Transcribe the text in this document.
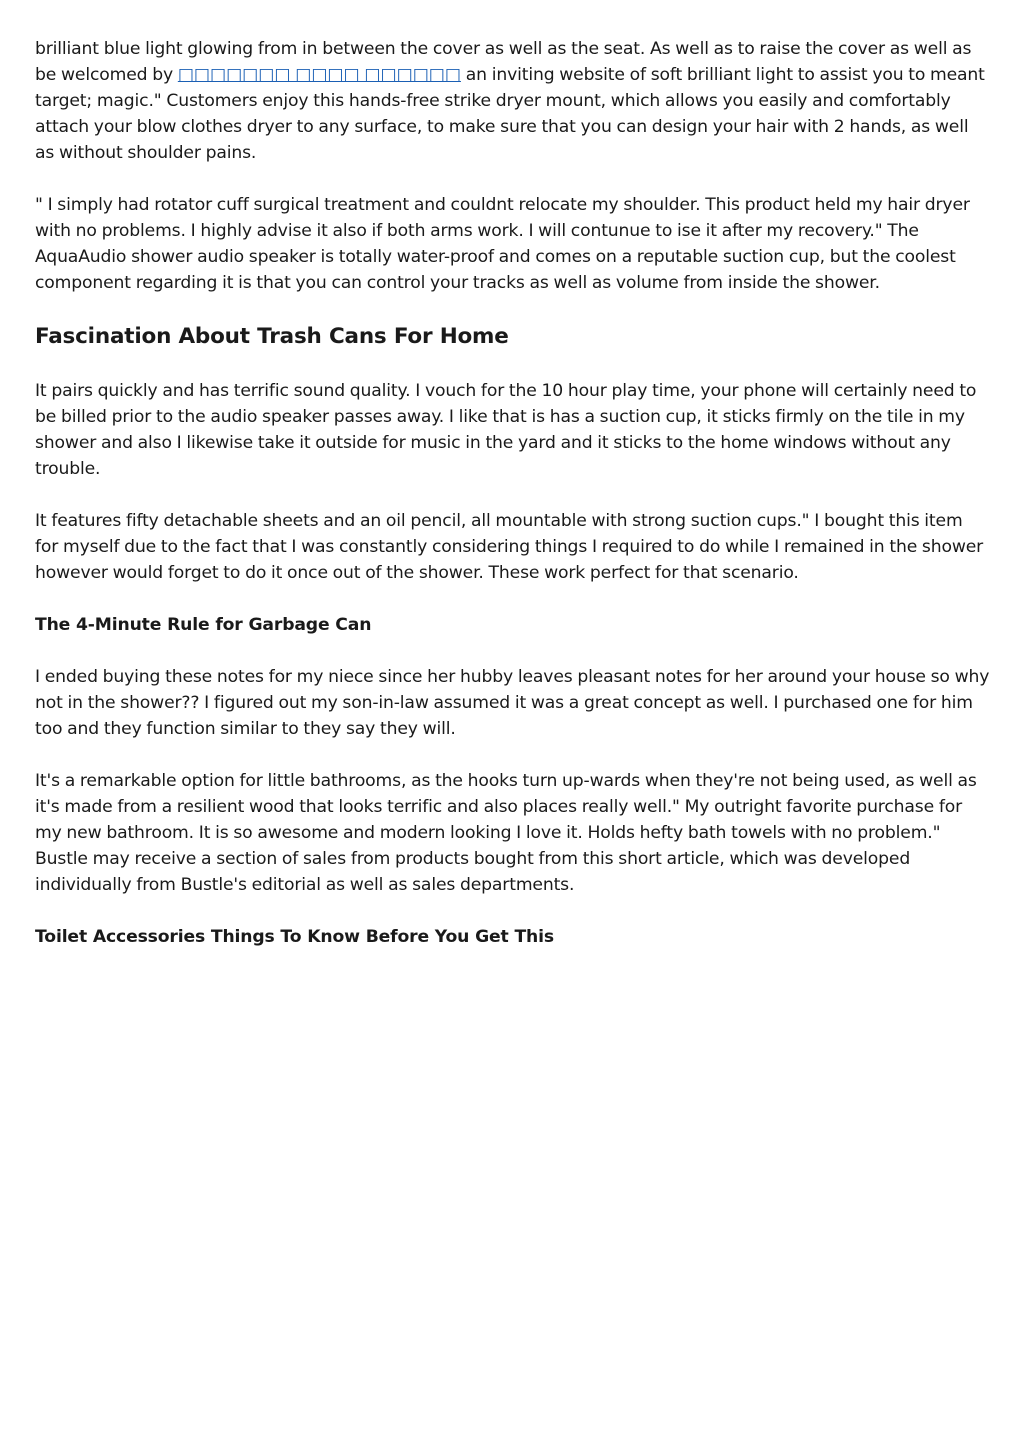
brilliant blue light glowing from in between the cover as well as the seat. As well as to raise the cover as well as be welcomed by □□□□□□□ □□□□ □□□□□□ an inviting website of soft brilliant light to assist you to meant target; magic." Customers enjoy this hands-free strike dryer mount, which allows you easily and comfortably attach your blow clothes dryer to any surface, to make sure that you can design your hair with 2 hands, as well as without shoulder pains.

" I simply had rotator cuff surgical treatment and couldnt relocate my shoulder. This product held my hair dryer with no problems. I highly advise it also if both arms work. I will contunue to ise it after my recovery." The AquaAudio shower audio speaker is totally water-proof and comes on a reputable suction cup, but the coolest component regarding it is that you can control your tracks as well as volume from inside the shower.

Fascination About Trash Cans For Home

It pairs quickly and has terrific sound quality. I vouch for the 10 hour play time, your phone will certainly need to be billed prior to the audio speaker passes away. I like that is has a suction cup, it sticks firmly on the tile in my shower and also I likewise take it outside for music in the yard and it sticks to the home windows without any trouble.

It features fifty detachable sheets and an oil pencil, all mountable with strong suction cups." I bought this item for myself due to the fact that I was constantly considering things I required to do while I remained in the shower however would forget to do it once out of the shower. These work perfect for that scenario.

The 4-Minute Rule for Garbage Can

I ended buying these notes for my niece since her hubby leaves pleasant notes for her around your house so why not in the shower?? I figured out my son-in-law assumed it was a great concept as well. I purchased one for him too and they function similar to they say they will.

It's a remarkable option for little bathrooms, as the hooks turn up-wards when they're not being used, as well as it's made from a resilient wood that looks terrific and also places really well." My outright favorite purchase for my new bathroom. It is so awesome and modern looking I love it. Holds hefty bath towels with no problem." Bustle may receive a section of sales from products bought from this short article, which was developed individually from Bustle's editorial as well as sales departments.

Toilet Accessories Things To Know Before You Get This
